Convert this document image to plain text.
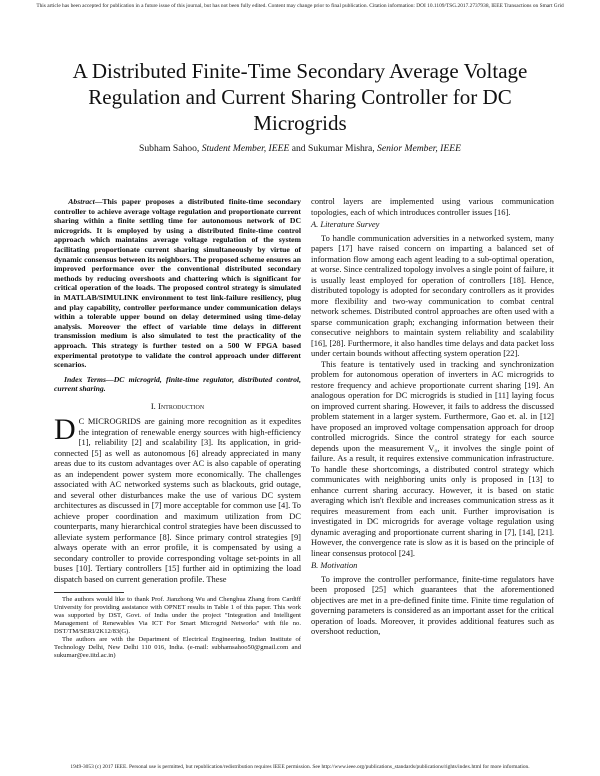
This article has been accepted for publication in a future issue of this journal, but has not been fully edited. Content may change prior to final publication. Citation information: DOI 10.1109/TSG.2017.2737938, IEEE Transactions on Smart Grid
A Distributed Finite-Time Secondary Average Voltage Regulation and Current Sharing Controller for DC Microgrids
Subham Sahoo, Student Member, IEEE and Sukumar Mishra, Senior Member, IEEE
Abstract—This paper proposes a distributed finite-time secondary controller to achieve average voltage regulation and proportionate current sharing within a finite settling time for autonomous network of DC microgrids. It is employed by using a distributed finite-time control approach which maintains average voltage regulation of the system facilitating proportionate current sharing simultaneously by virtue of dynamic consensus between its neighbors. The proposed scheme ensures an improved performance over the conventional distributed secondary methods by reducing overshoots and chattering which is significant for critical operation of the loads. The proposed control strategy is simulated in MATLAB/SIMULINK environment to test link-failure resiliency, plug and play capability, controller performance under communication delays within a tolerable upper bound on delay determined using time-delay analysis. Moreover the effect of variable time delays in different transmission medium is also simulated to test the practicality of the approach. This strategy is further tested on a 500 W FPGA based experimental prototype to validate the control approach under different scenarios.
Index Terms—DC microgrid, finite-time regulator, distributed control, current sharing.
I. Introduction

D C MICROGRIDS are gaining more recognition as it expedites the integration of renewable energy sources with high-efficiency [1], reliability [2] and scalability [3]. Its application, in grid-connected [5] as well as autonomous [6] already appreciated in many areas due to its custom advantages over AC is also capable of operating as an independent power system more economically. The challenges associated with AC networked systems such as blackouts, grid outage, and several other disturbances make the use of various DC system architectures as discussed in [7] more acceptable for common use [4]. To achieve proper coordination and maximum utilization from DC counterparts, many hierarchical control strategies have been discussed to alleviate system performance [8]. Since primary control strategies [9] always operate with an error profile, it is compensated by using a secondary controller to provide corresponding voltage set-points in all buses [10]. Tertiary controllers [15] further aid in optimizing the load dispatch based on current generation profile. These

The authors would like to thank Prof. Jianzhong Wu and Chenghua Zhang from Cardiff University for providing assistance with OPNET results in Table 1 of this paper. This work was supported by DST, Govt. of India under the project "Integration and Intelligent Management of Renewables Via ICT For Smart Microgrid Networks" with file no. DST/TM/SERI/2K12/83(G).

The authors are with the Department of Electrical Engineering, Indian Institute of Technology Delhi, New Delhi 110 016, India. (e-mail: subhamsahoo50@gmail.com and sukumar@ee.iitd.ac.in)

control layers are implemented using various communication topologies, each of which introduces controller issues [16].

A. Literature Survey

To handle communication adversities in a networked system, many papers [17] have raised concern on imparting a balanced set of information flow among each agent leading to a sub-optimal operation, at worse. Since centralized topology involves a single point of failure, it is usually least employed for operation of controllers [18]. Hence, distributed topology is adopted for secondary controllers as it provides more flexibility and two-way communication to combat central network schemes. Distributed control approaches are often used with a sparse communication graph; exchanging information between their consecutive neighbors to maintain system reliability and scalability [16], [28]. Furthermore, it also handles time delays and data packet loss under certain bounds without affecting system operation [22].

This feature is tentatively used in tracking and synchronization problem for autonomous operation of inverters in AC microgrids to restore frequency and achieve proportionate current sharing [19]. An analogous operation for DC microgrids is studied in [11] laying focus on improved current sharing. However, it fails to address the discussed problem statement in a larger system. Furthermore, Gao et. al. in [12] have proposed an improved voltage compensation approach for droop controlled microgrids. Since the control strategy for each source depends upon the measurement V₀, it involves the single point of failure. As a result, it requires extensive communication infrastructure. To handle these shortcomings, a distributed control strategy which communicates with neighboring units only is proposed in [13] to enhance current sharing accuracy. However, it is based on static averaging which isn't flexible and increases communication stress as it requires measurement from each unit. Further improvisation is investigated in DC microgrids for average voltage regulation using dynamic averaging and proportionate current sharing in [7], [14], [21]. However, the convergence rate is slow as it is based on the principle of linear consensus protocol [24].

B. Motivation

To improve the controller performance, finite-time regulators have been proposed [25] which guarantees that the aforementioned objectives are met in a pre-defined finite time. Finite time regulation of governing parameters is considered as an important asset for the critical operation of loads. Moreover, it provides additional features such as overshoot reduction,

1949-3053 (c) 2017 IEEE. Personal use is permitted, but republication/redistribution requires IEEE permission. See http://www.ieee.org/publications_standards/publications/rights/index.html for more information.
